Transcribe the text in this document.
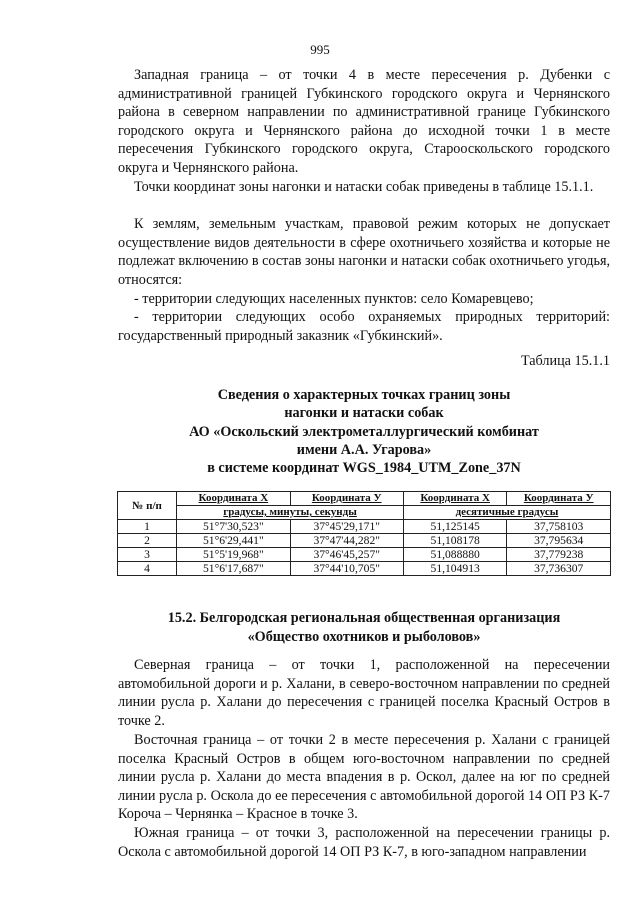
995
Западная граница – от точки 4 в месте пересечения р. Дубенки с административной границей Губкинского городского округа и Чернянского района в северном направлении по административной границе Губкинского городского округа и Чернянского района до исходной точки 1 в месте пересечения Губкинского городского округа, Старооскольского городского округа и Чернянского района.
Точки координат зоны нагонки и натаски собак приведены в таблице 15.1.1.
К землям, земельным участкам, правовой режим которых не допускает осуществление видов деятельности в сфере охотничьего хозяйства и которые не подлежат включению в состав зоны нагонки и натаски собак охотничьего угодья, относятся:
- территории следующих населенных пунктов: село Комаревцево;
- территории следующих особо охраняемых природных территорий: государственный природный заказник «Губкинский».
Таблица 15.1.1
Сведения о характерных точках границ зоны
нагонки и натаски собак
АО «Оскольский электрометаллургический комбинат
имени А.А. Угарова»
в системе координат WGS_1984_UTM_Zone_37N
№ п/п	Координата X	Координата У	Координата X	Координата У
	градусы, минуты, секунды		десятичные градусы	
1	51°7'30,523"	37°45'29,171"	51,125145	37,758103
2	51°6'29,441"	37°47'44,282"	51,108178	37,795634
3	51°5'19,968"	37°46'45,257"	51,088880	37,779238
4	51°6'17,687"	37°44'10,705"	51,104913	37,736307
15.2. Белгородская региональная общественная организация
«Общество охотников и рыболовов»
Северная граница – от точки 1, расположенной на пересечении автомобильной дороги и р. Халани, в северо-восточном направлении по средней линии русла р. Халани до пересечения с границей поселка Красный Остров в точке 2.
Восточная граница – от точки 2 в месте пересечения р. Халани с границей поселка Красный Остров в общем юго-восточном направлении по средней линии русла р. Халани до места впадения в р. Оскол, далее на юг по средней линии русла р. Оскола до ее пересечения с автомобильной дорогой 14 ОП РЗ К-7 Короча – Чернянка – Красное в точке 3.
Южная граница – от точки 3, расположенной на пересечении границы р. Оскола с автомобильной дорогой 14 ОП РЗ К-7, в юго-западном направлении
